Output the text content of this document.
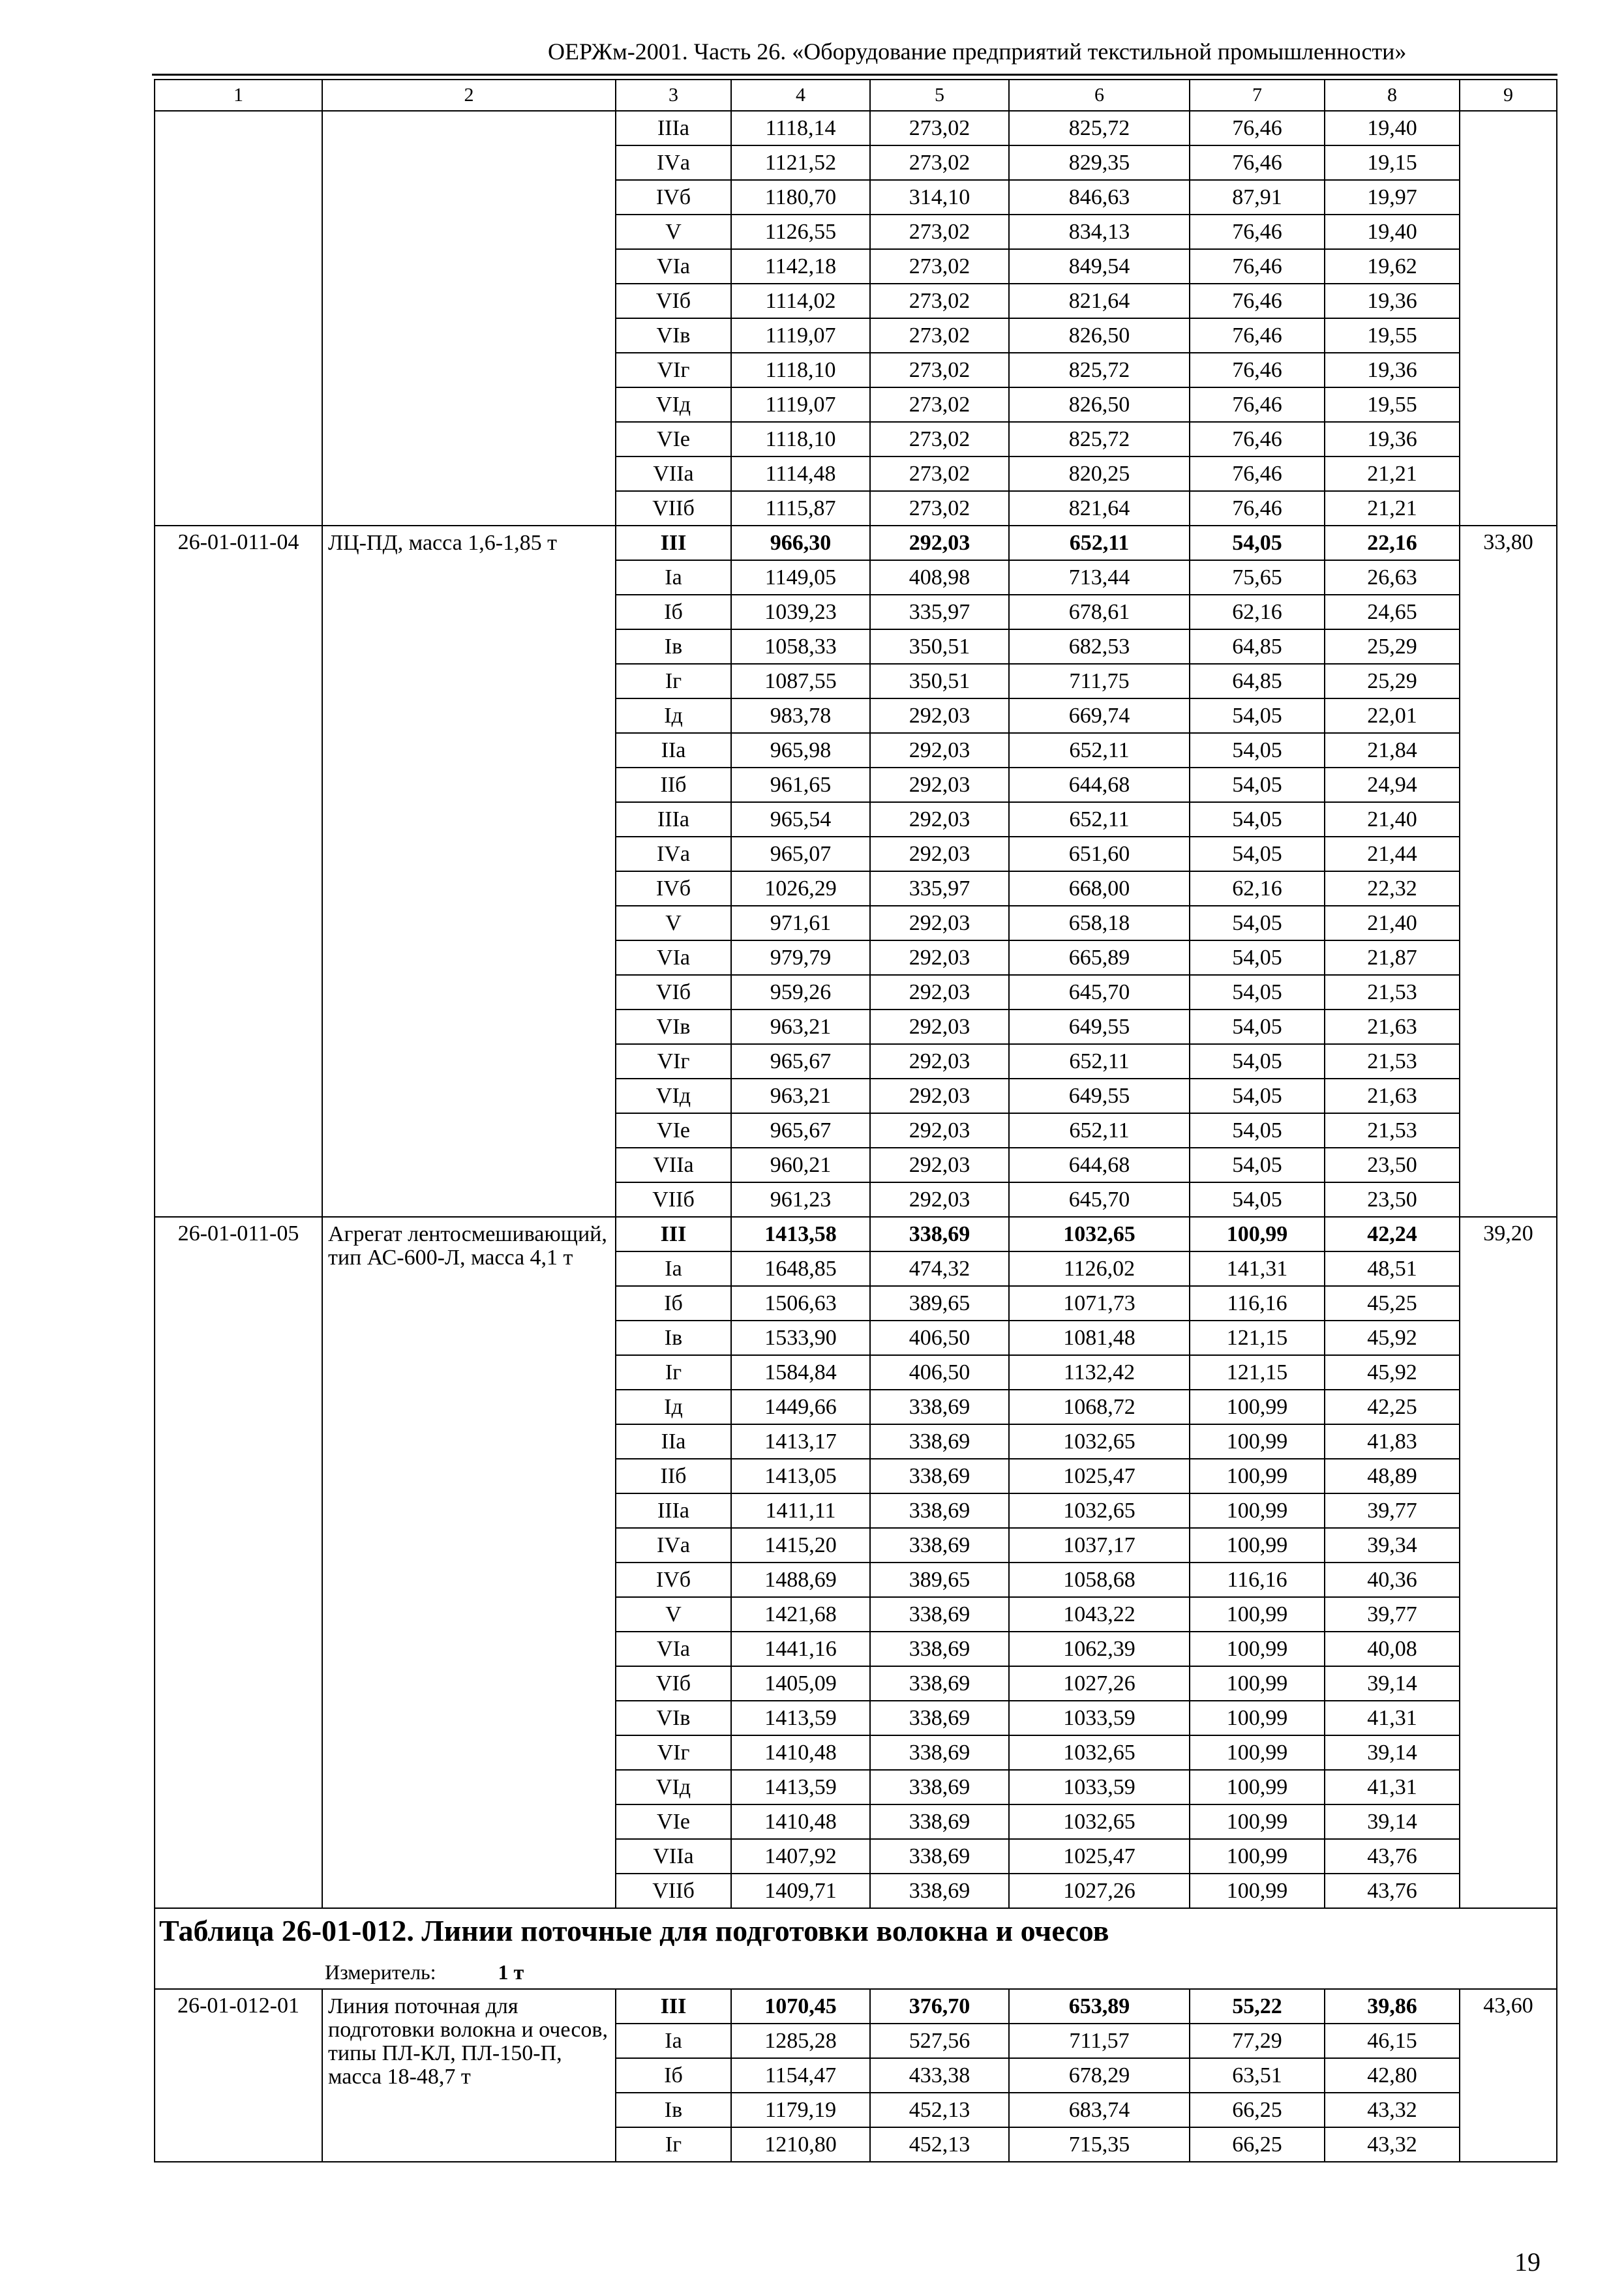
ОЕРЖм-2001. Часть 26. «Оборудование предприятий текстильной промышленности»
1	2	3	4	5	6	7	8	9
		IIIа	1118,14	273,02	825,72	76,46	19,40	
		IVа	1121,52	273,02	829,35	76,46	19,15	
		IVб	1180,70	314,10	846,63	87,91	19,97	
		V	1126,55	273,02	834,13	76,46	19,40	
		VIа	1142,18	273,02	849,54	76,46	19,62	
		VIб	1114,02	273,02	821,64	76,46	19,36	
		VIв	1119,07	273,02	826,50	76,46	19,55	
		VIг	1118,10	273,02	825,72	76,46	19,36	
		VIд	1119,07	273,02	826,50	76,46	19,55	
		VIе	1118,10	273,02	825,72	76,46	19,36	
		VIIа	1114,48	273,02	820,25	76,46	21,21	
		VIIб	1115,87	273,02	821,64	76,46	21,21	
26-01-011-04	ЛЦ-ПД, масса 1,6-1,85 т	III	966,30	292,03	652,11	54,05	22,16	33,80
		Iа	1149,05	408,98	713,44	75,65	26,63	
		Iб	1039,23	335,97	678,61	62,16	24,65	
		Iв	1058,33	350,51	682,53	64,85	25,29	
		Iг	1087,55	350,51	711,75	64,85	25,29	
		Iд	983,78	292,03	669,74	54,05	22,01	
		IIа	965,98	292,03	652,11	54,05	21,84	
		IIб	961,65	292,03	644,68	54,05	24,94	
		IIIа	965,54	292,03	652,11	54,05	21,40	
		IVа	965,07	292,03	651,60	54,05	21,44	
		IVб	1026,29	335,97	668,00	62,16	22,32	
		V	971,61	292,03	658,18	54,05	21,40	
		VIа	979,79	292,03	665,89	54,05	21,87	
		VIб	959,26	292,03	645,70	54,05	21,53	
		VIв	963,21	292,03	649,55	54,05	21,63	
		VIг	965,67	292,03	652,11	54,05	21,53	
		VIд	963,21	292,03	649,55	54,05	21,63	
		VIе	965,67	292,03	652,11	54,05	21,53	
		VIIа	960,21	292,03	644,68	54,05	23,50	
		VIIб	961,23	292,03	645,70	54,05	23,50	
26-01-011-05	Агрегат лентосмешивающий, тип АС-600-Л, масса 4,1 т	III	1413,58	338,69	1032,65	100,99	42,24	39,20
		Iа	1648,85	474,32	1126,02	141,31	48,51	
		Iб	1506,63	389,65	1071,73	116,16	45,25	
		Iв	1533,90	406,50	1081,48	121,15	45,92	
		Iг	1584,84	406,50	1132,42	121,15	45,92	
		Iд	1449,66	338,69	1068,72	100,99	42,25	
		IIа	1413,17	338,69	1032,65	100,99	41,83	
		IIб	1413,05	338,69	1025,47	100,99	48,89	
		IIIа	1411,11	338,69	1032,65	100,99	39,77	
		IVа	1415,20	338,69	1037,17	100,99	39,34	
		IVб	1488,69	389,65	1058,68	116,16	40,36	
		V	1421,68	338,69	1043,22	100,99	39,77	
		VIа	1441,16	338,69	1062,39	100,99	40,08	
		VIб	1405,09	338,69	1027,26	100,99	39,14	
		VIв	1413,59	338,69	1033,59	100,99	41,31	
		VIг	1410,48	338,69	1032,65	100,99	39,14	
		VIд	1413,59	338,69	1033,59	100,99	41,31	
		VIе	1410,48	338,69	1032,65	100,99	39,14	
		VIIа	1407,92	338,69	1025,47	100,99	43,76	
		VIIб	1409,71	338,69	1027,26	100,99	43,76	
Таблица 26-01-012. Линии поточные для подготовки волокна и очесов								
Измеритель: 1 т								
26-01-012-01	Линия поточная для подготовки волокна и очесов, типы ПЛ-КЛ, ПЛ-150-П, масса 18-48,7 т	III	1070,45	376,70	653,89	55,22	39,86	43,60
		Iа	1285,28	527,56	711,57	77,29	46,15	
		Iб	1154,47	433,38	678,29	63,51	42,80	
		Iв	1179,19	452,13	683,74	66,25	43,32	
		Iг	1210,80	452,13	715,35	66,25	43,32	
19
